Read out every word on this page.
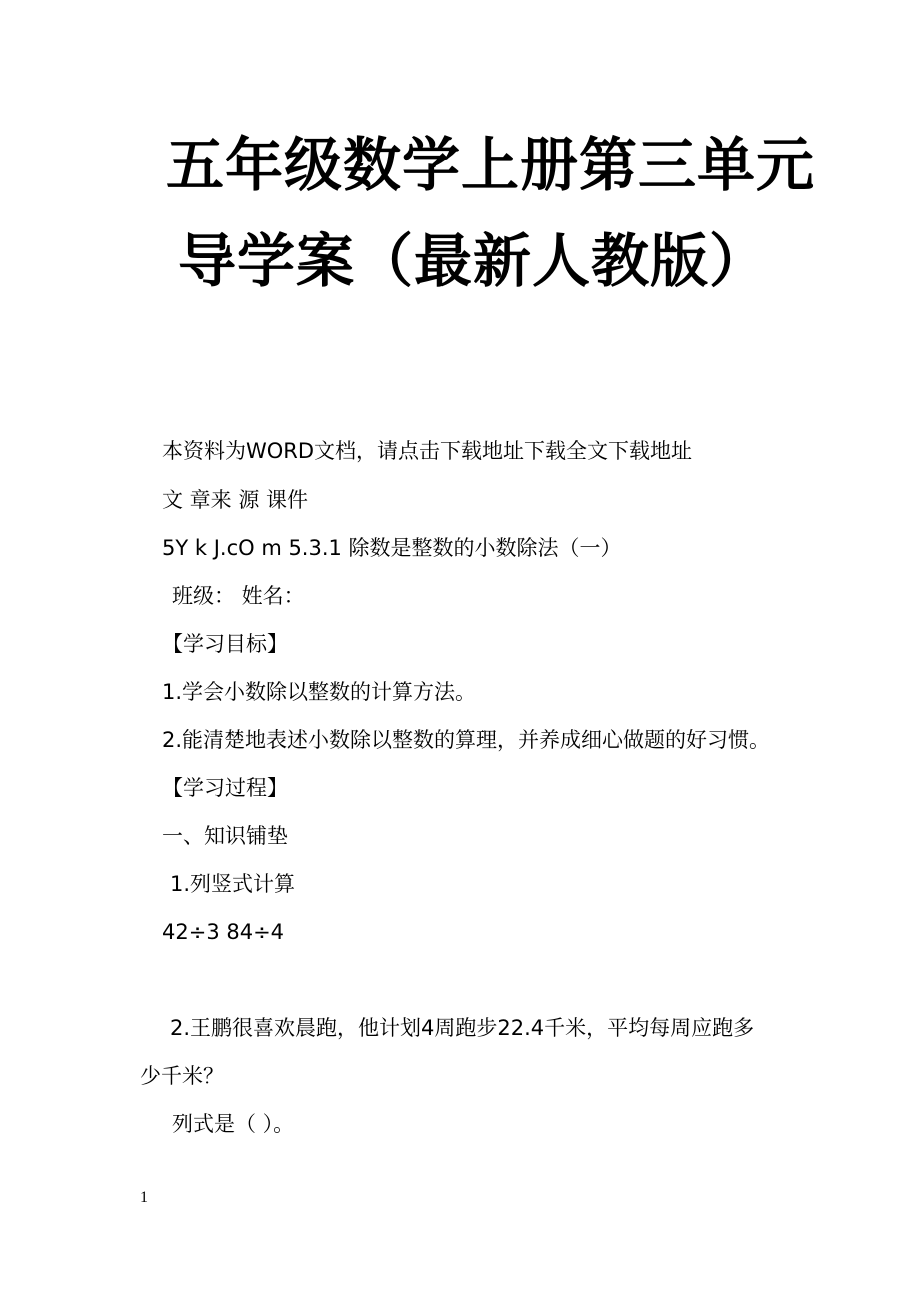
五年级数学上册第三单元
导学案（最新人教版）
本资料为WORD文档，请点击下载地址下载全文下载地址
文 章来 源 课件
5Y k J.cO m 5.3.1 除数是整数的小数除法（一）
班级： 姓名：
【学习目标】
1.学会小数除以整数的计算方法。
2.能清楚地表述小数除以整数的算理，并养成细心做题的好习惯。
【学习过程】
一、知识铺垫
1.列竖式计算
42÷3 84÷4
2.王鹏很喜欢晨跑，他计划4周跑步22.4千米，平均每周应跑多
少千米？
列式是（ ）。
1
